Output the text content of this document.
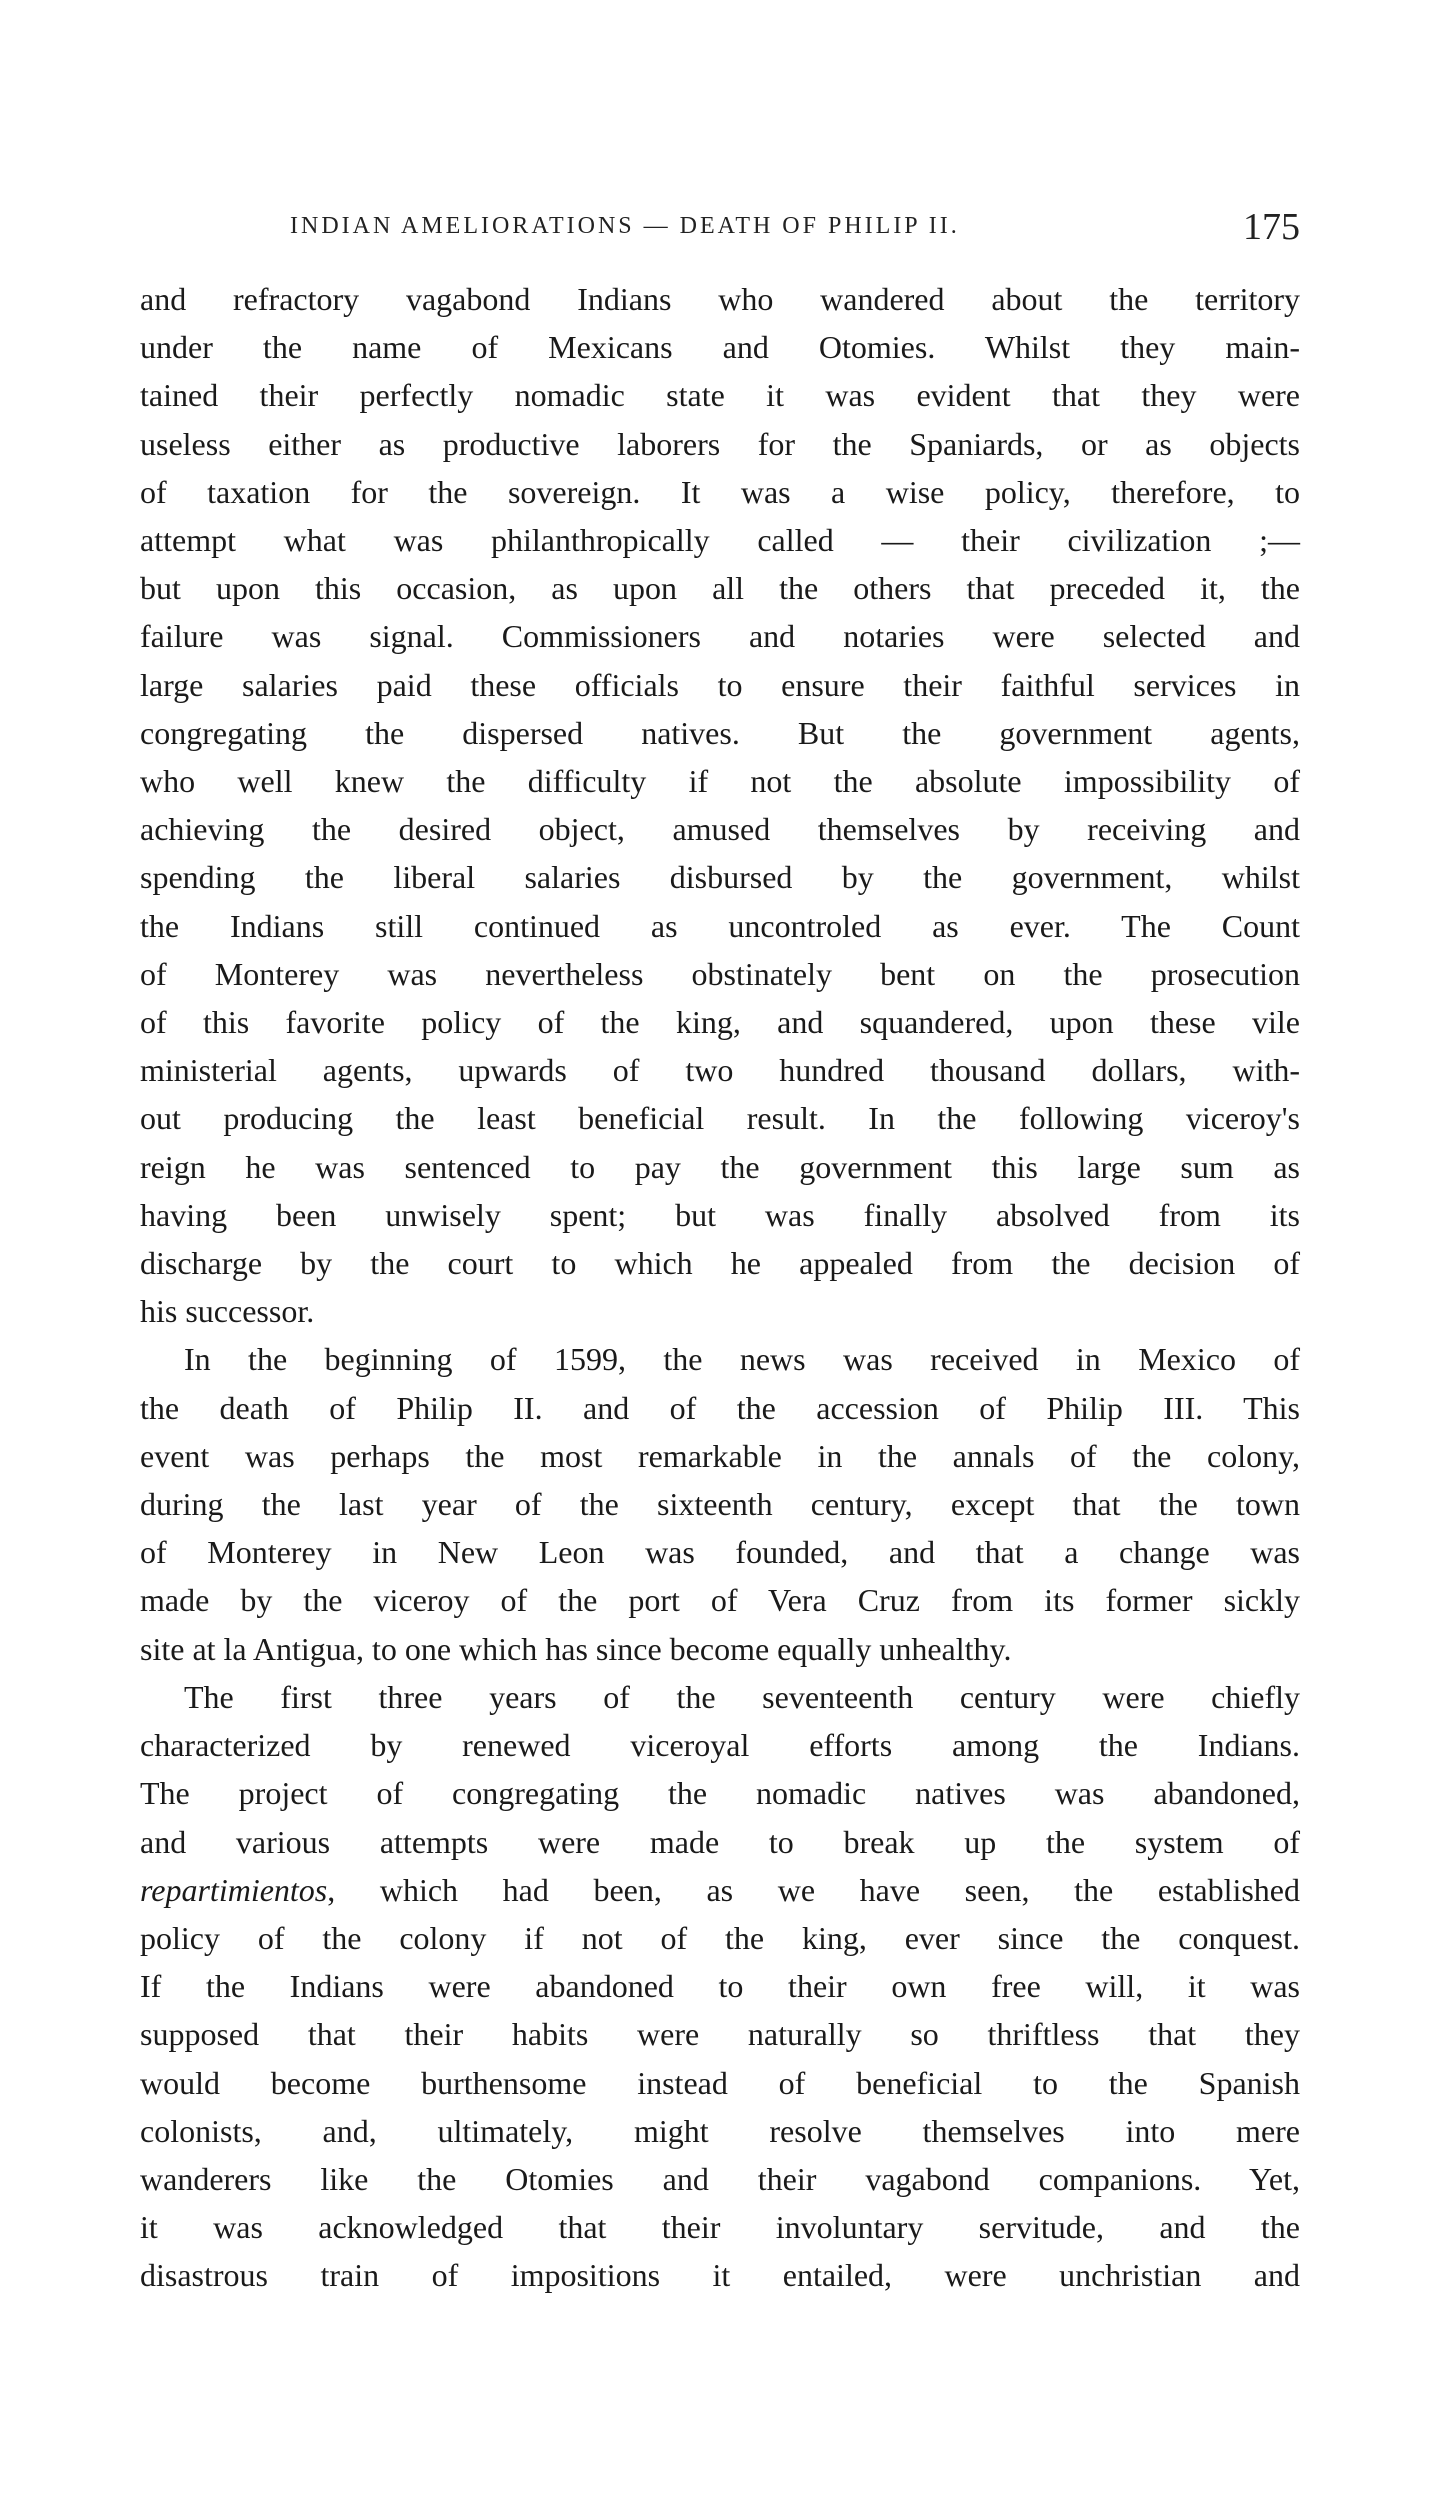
INDIAN AMELIORATIONS — DEATH OF PHILIP II.	175

and refractory vagabond Indians who wandered about the territory
under the name of Mexicans and Otomies. Whilst they main-
tained their perfectly nomadic state it was evident that they were
useless either as productive laborers for the Spaniards, or as objects
of taxation for the sovereign. It was a wise policy, therefore, to
attempt what was philanthropically called — their civilization ;—
but upon this occasion, as upon all the others that preceded it, the
failure was signal. Commissioners and notaries were selected and
large salaries paid these officials to ensure their faithful services in
congregating the dispersed natives. But the government agents,
who well knew the difficulty if not the absolute impossibility of
achieving the desired object, amused themselves by receiving and
spending the liberal salaries disbursed by the government, whilst
the Indians still continued as uncontroled as ever. The Count
of Monterey was nevertheless obstinately bent on the prosecution
of this favorite policy of the king, and squandered, upon these vile
ministerial agents, upwards of two hundred thousand dollars, with-
out producing the least beneficial result. In the following viceroy's
reign he was sentenced to pay the government this large sum as
having been unwisely spent; but was finally absolved from its
discharge by the court to which he appealed from the decision of
his successor.

In the beginning of 1599, the news was received in Mexico of
the death of Philip II. and of the accession of Philip III. This
event was perhaps the most remarkable in the annals of the colony,
during the last year of the sixteenth century, except that the town
of Monterey in New Leon was founded, and that a change was
made by the viceroy of the port of Vera Cruz from its former sickly
site at la Antigua, to one which has since become equally unhealthy.

The first three years of the seventeenth century were chiefly
characterized by renewed viceroyal efforts among the Indians.
The project of congregating the nomadic natives was abandoned,
and various attempts were made to break up the system of
repartimientos, which had been, as we have seen, the established
policy of the colony if not of the king, ever since the conquest.
If the Indians were abandoned to their own free will, it was
supposed that their habits were naturally so thriftless that they
would become burthensome instead of beneficial to the Spanish
colonists, and, ultimately, might resolve themselves into mere
wanderers like the Otomies and their vagabond companions. Yet,
it was acknowledged that their involuntary servitude, and the
disastrous train of impositions it entailed, were unchristian and
